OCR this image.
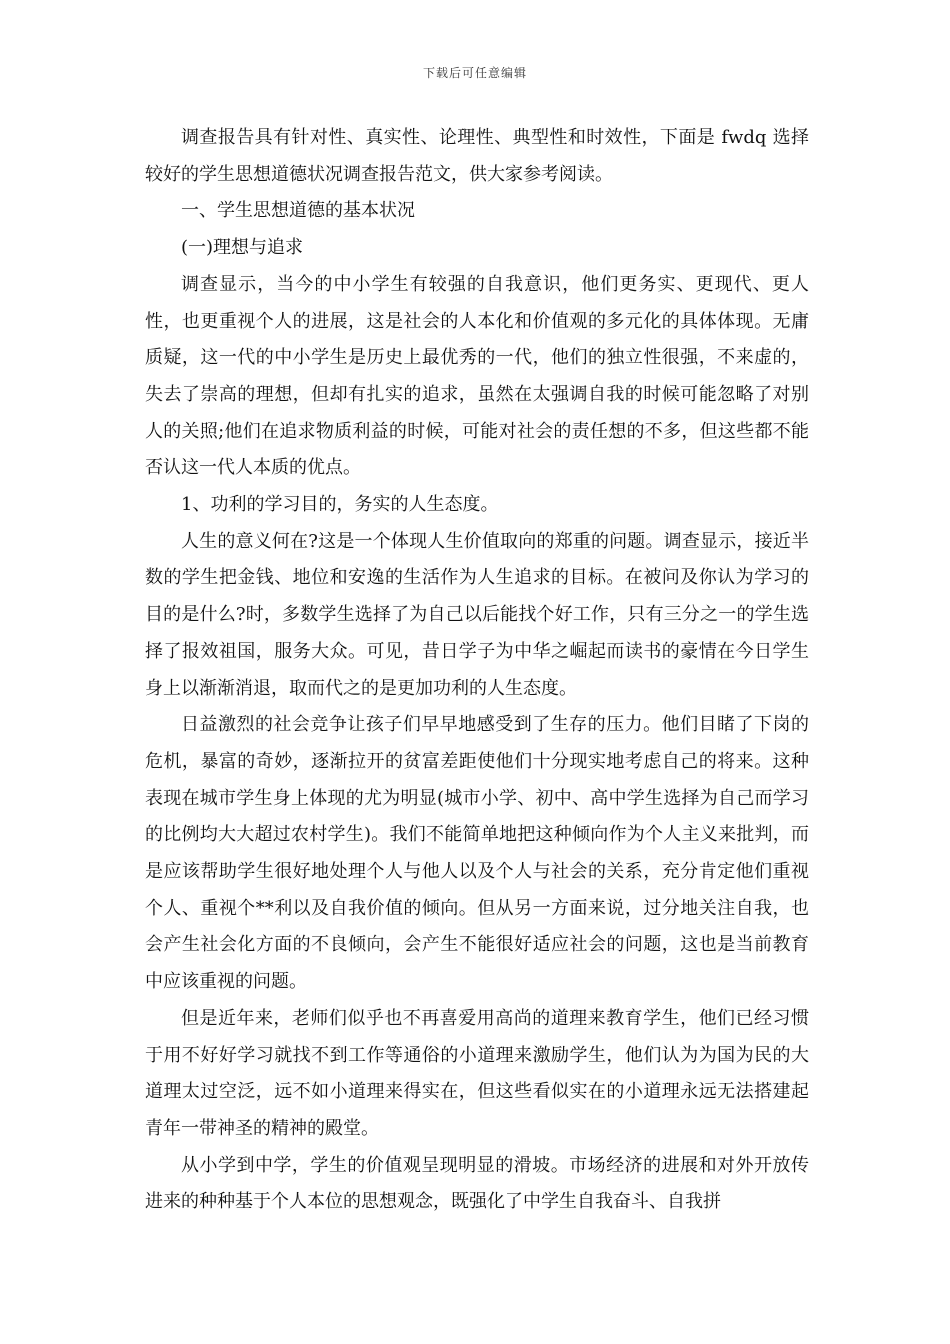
下载后可任意编辑

调查报告具有针对性、真实性、论理性、典型性和时效性，下面是 fwdq 选择较好的学生思想道德状况调查报告范文，供大家参考阅读。

一、学生思想道德的基本状况

(一)理想与追求

调查显示，当今的中小学生有较强的自我意识，他们更务实、更现代、更人性，也更重视个人的进展，这是社会的人本化和价值观的多元化的具体体现。无庸质疑，这一代的中小学生是历史上最优秀的一代，他们的独立性很强，不来虚的，失去了崇高的理想，但却有扎实的追求，虽然在太强调自我的时候可能忽略了对别人的关照;他们在追求物质利益的时候，可能对社会的责任想的不多，但这些都不能否认这一代人本质的优点。

1、功利的学习目的，务实的人生态度。

人生的意义何在?这是一个体现人生价值取向的郑重的问题。调查显示，接近半数的学生把金钱、地位和安逸的生活作为人生追求的目标。在被问及你认为学习的目的是什么?时，多数学生选择了为自己以后能找个好工作，只有三分之一的学生选择了报效祖国，服务大众。可见，昔日学子为中华之崛起而读书的豪情在今日学生身上以渐渐消退，取而代之的是更加功利的人生态度。

日益激烈的社会竞争让孩子们早早地感受到了生存的压力。他们目睹了下岗的危机，暴富的奇妙，逐渐拉开的贫富差距使他们十分现实地考虑自己的将来。这种表现在城市学生身上体现的尤为明显(城市小学、初中、高中学生选择为自己而学习的比例均大大超过农村学生)。我们不能简单地把这种倾向作为个人主义来批判，而是应该帮助学生很好地处理个人与他人以及个人与社会的关系，充分肯定他们重视个人、重视个**利以及自我价值的倾向。但从另一方面来说，过分地关注自我，也会产生社会化方面的不良倾向，会产生不能很好适应社会的问题，这也是当前教育中应该重视的问题。

但是近年来，老师们似乎也不再喜爱用高尚的道理来教育学生，他们已经习惯于用不好好学习就找不到工作等通俗的小道理来激励学生，他们认为为国为民的大道理太过空泛，远不如小道理来得实在，但这些看似实在的小道理永远无法搭建起青年一带神圣的精神的殿堂。

从小学到中学，学生的价值观呈现明显的滑坡。市场经济的进展和对外开放传进来的种种基于个人本位的思想观念，既强化了中学生自我奋斗、自我拼
